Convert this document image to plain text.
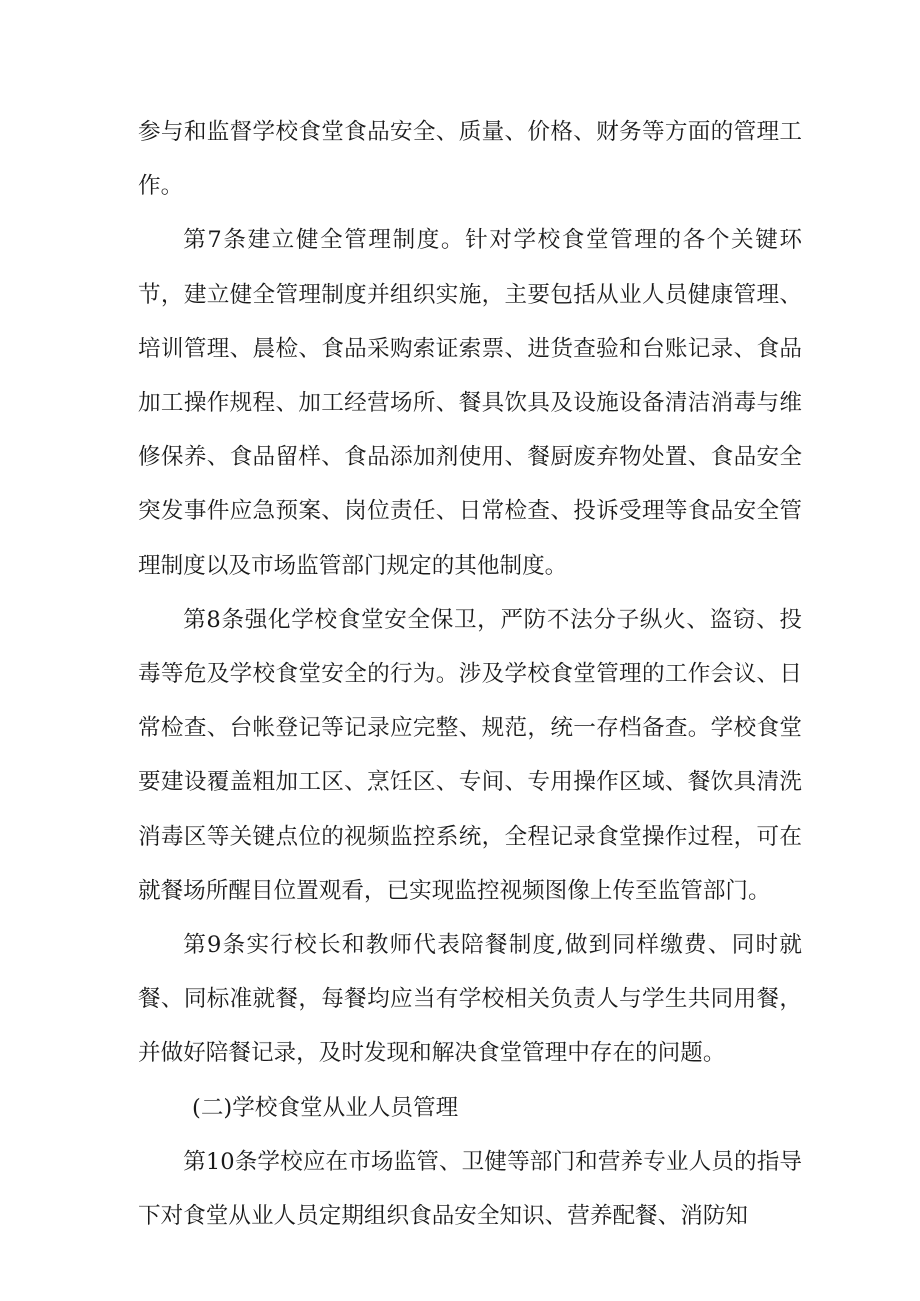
参与和监督学校食堂食品安全、质量、价格、财务等方面的管理工作。

第7条建立健全管理制度。针对学校食堂管理的各个关键环节，建立健全管理制度并组织实施，主要包括从业人员健康管理、培训管理、晨检、食品采购索证索票、进货查验和台账记录、食品加工操作规程、加工经营场所、餐具饮具及设施设备清洁消毒与维修保养、食品留样、食品添加剂使用、餐厨废弃物处置、食品安全突发事件应急预案、岗位责任、日常检查、投诉受理等食品安全管理制度以及市场监管部门规定的其他制度。

第8条强化学校食堂安全保卫，严防不法分子纵火、盗窃、投毒等危及学校食堂安全的行为。涉及学校食堂管理的工作会议、日常检查、台帐登记等记录应完整、规范，统一存档备查。学校食堂要建设覆盖粗加工区、烹饪区、专间、专用操作区域、餐饮具清洗消毒区等关键点位的视频监控系统，全程记录食堂操作过程，可在就餐场所醒目位置观看，已实现监控视频图像上传至监管部门。

第9条实行校长和教师代表陪餐制度,做到同样缴费、同时就餐、同标准就餐，每餐均应当有学校相关负责人与学生共同用餐，并做好陪餐记录，及时发现和解决食堂管理中存在的问题。

(二)学校食堂从业人员管理

第10条学校应在市场监管、卫健等部门和营养专业人员的指导下对食堂从业人员定期组织食品安全知识、营养配餐、消防知
